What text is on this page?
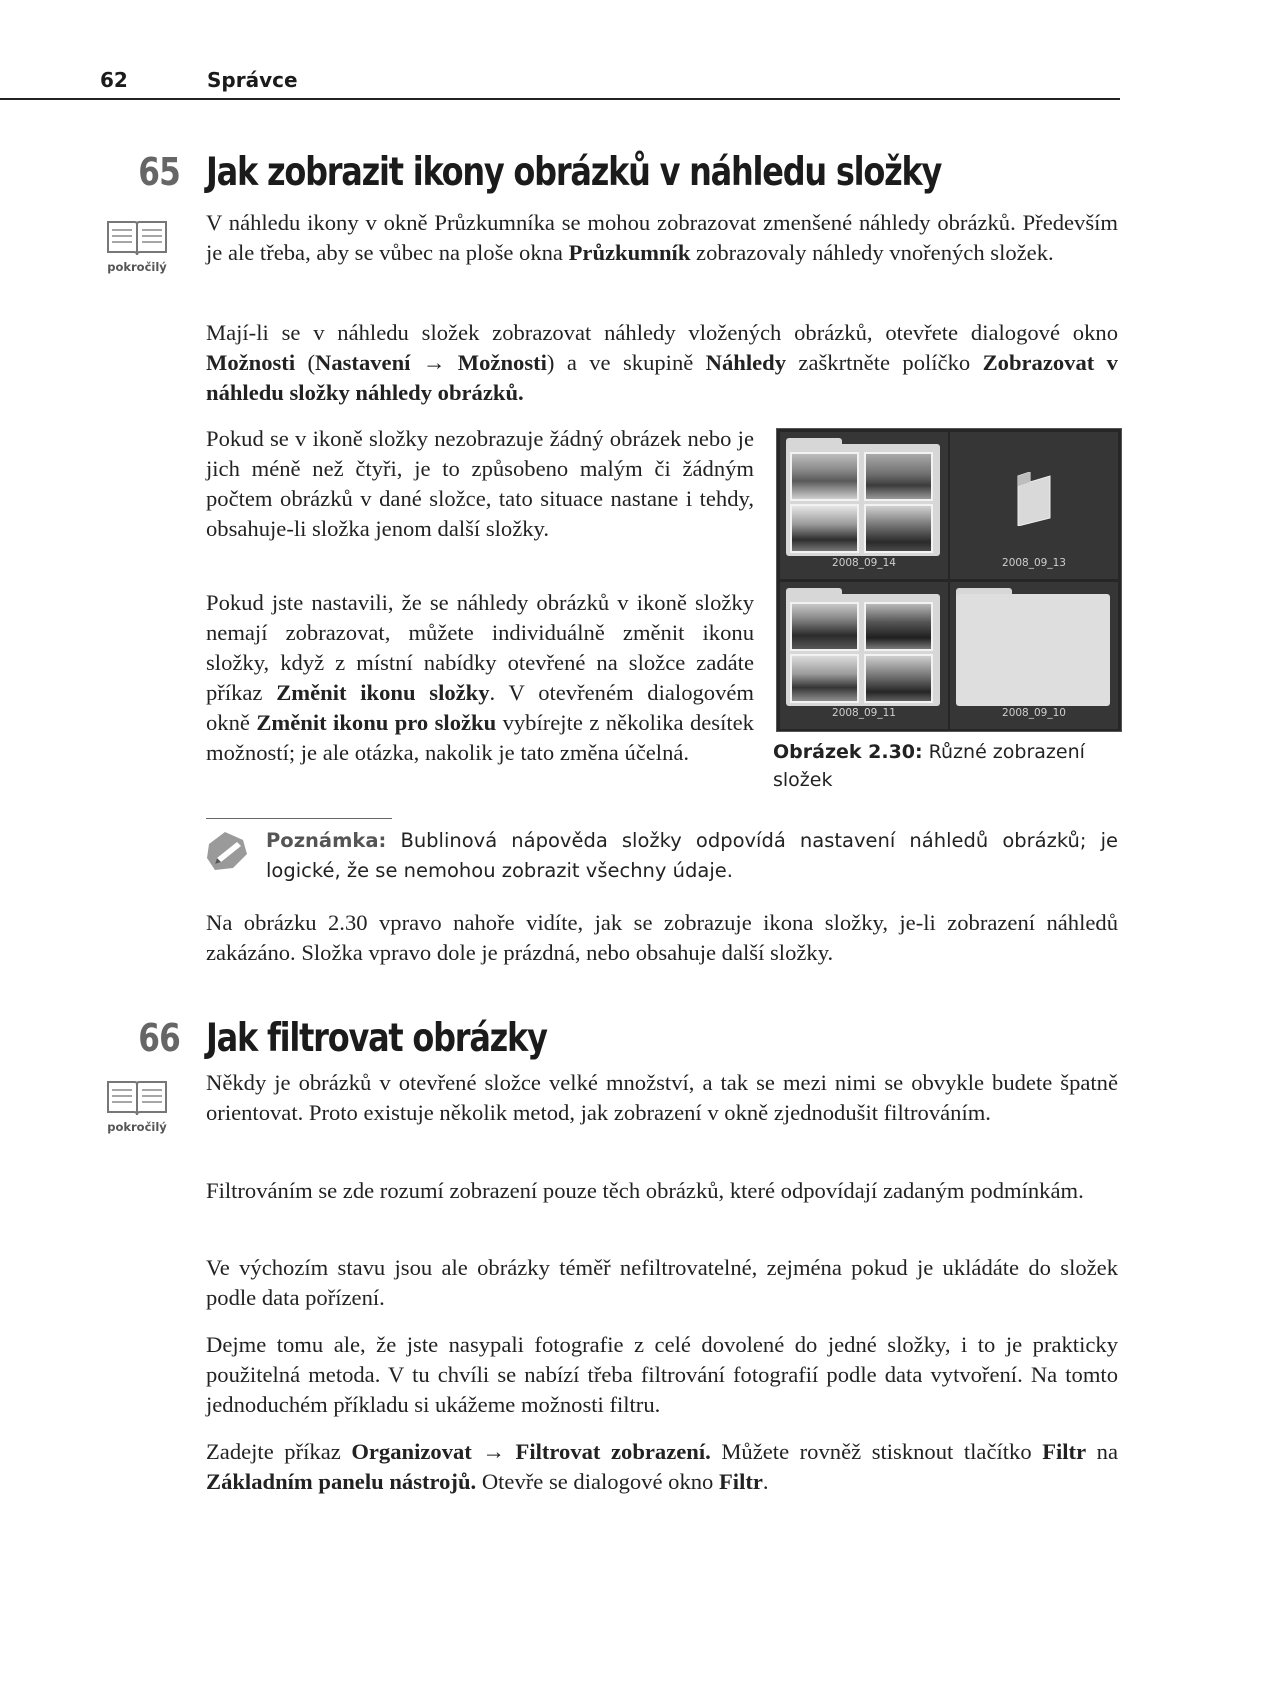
62	Správce
65 Jak zobrazit ikony obrázků v náhledu složky
pokročilý

V náhledu ikony v okně Průzkumníka se mohou zobrazovat zmenšené náhledy obrázků. Především je ale třeba, aby se vůbec na ploše okna Průzkumník zobrazovaly náhledy vnořených složek.

Mají-li se v náhledu složek zobrazovat náhledy vložených obrázků, otevřete dialogové okno Možnosti (Nastavení → Možnosti) a ve skupině Náhledy zaškrtněte políčko Zobrazovat v náhledu složky náhledy obrázků.

Pokud se v ikoně složky nezobrazuje žádný obrázek nebo je jich méně než čtyři, je to způsobeno malým či žádným počtem obrázků v dané složce, tato situace nastane i tehdy, obsahuje-li složka jenom další složky.

Pokud jste nastavili, že se náhledy obrázků v ikoně složky nemají zobrazovat, můžete individuálně změnit ikonu složky, když z místní nabídky otevřené na složce zadáte příkaz Změnit ikonu složky. V otevřeném dialogovém okně Změnit ikonu pro složku vybírejte z několika desítek možností; je ale otázka, nakolik je tato změna účelná.

2008_09_14	2008_09_13
2008_09_11	2008_09_10
Obrázek 2.30: Různé zobrazení složek

Poznámka: Bublinová nápověda složky odpovídá nastavení náhledů obrázků; je logické, že se nemohou zobrazit všechny údaje.

Na obrázku 2.30 vpravo nahoře vidíte, jak se zobrazuje ikona složky, je-li zobrazení náhledů zakázáno. Složka vpravo dole je prázdná, nebo obsahuje další složky.

66 Jak filtrovat obrázky
pokročilý

Někdy je obrázků v otevřené složce velké množství, a tak se mezi nimi se obvykle budete špatně orientovat. Proto existuje několik metod, jak zobrazení v okně zjednodušit filtrováním.

Filtrováním se zde rozumí zobrazení pouze těch obrázků, které odpovídají zadaným podmínkám.

Ve výchozím stavu jsou ale obrázky téměř nefiltrovatelné, zejména pokud je ukládáte do složek podle data pořízení.

Dejme tomu ale, že jste nasypali fotografie z celé dovolené do jedné složky, i to je prakticky použitelná metoda. V tu chvíli se nabízí třeba filtrování fotografií podle data vytvoření. Na tomto jednoduchém příkladu si ukážeme možnosti filtru.

Zadejte příkaz Organizovat → Filtrovat zobrazení. Můžete rovněž stisknout tlačítko Filtr na Základním panelu nástrojů. Otevře se dialogové okno Filtr.
